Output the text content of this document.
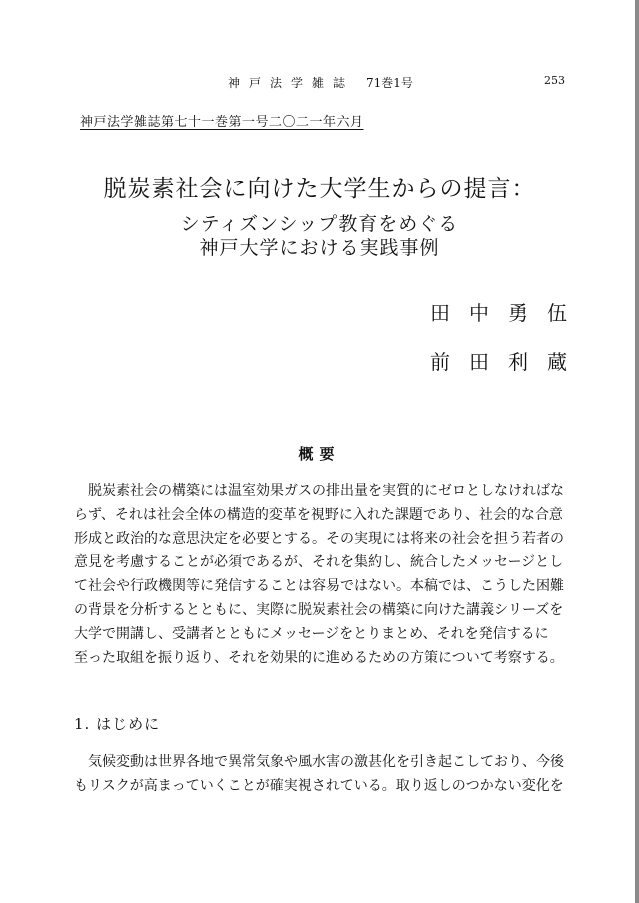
神戸法学雑誌 71巻1号	253
神戸法学雑誌第七十一巻第一号二〇二一年六月
脱炭素社会に向けた大学生からの提言：
シティズンシップ教育をめぐる
神戸大学における実践事例
田中勇伍
前田利蔵
概要
脱炭素社会の構築には温室効果ガスの排出量を実質的にゼロとしなければな
らず、それは社会全体の構造的変革を視野に入れた課題であり、社会的な合意
形成と政治的な意思決定を必要とする。その実現には将来の社会を担う若者の
意見を考慮することが必須であるが、それを集約し、統合したメッセージとし
て社会や行政機関等に発信することは容易ではない。本稿では、こうした困難
の背景を分析するとともに、実際に脱炭素社会の構築に向けた講義シリーズを
大学で開講し、受講者とともにメッセージをとりまとめ、それを発信するに
至った取組を振り返り、それを効果的に進めるための方策について考察する。
1. はじめに
気候変動は世界各地で異常気象や風水害の激甚化を引き起こしており、今後
もリスクが高まっていくことが確実視されている。取り返しのつかない変化を
